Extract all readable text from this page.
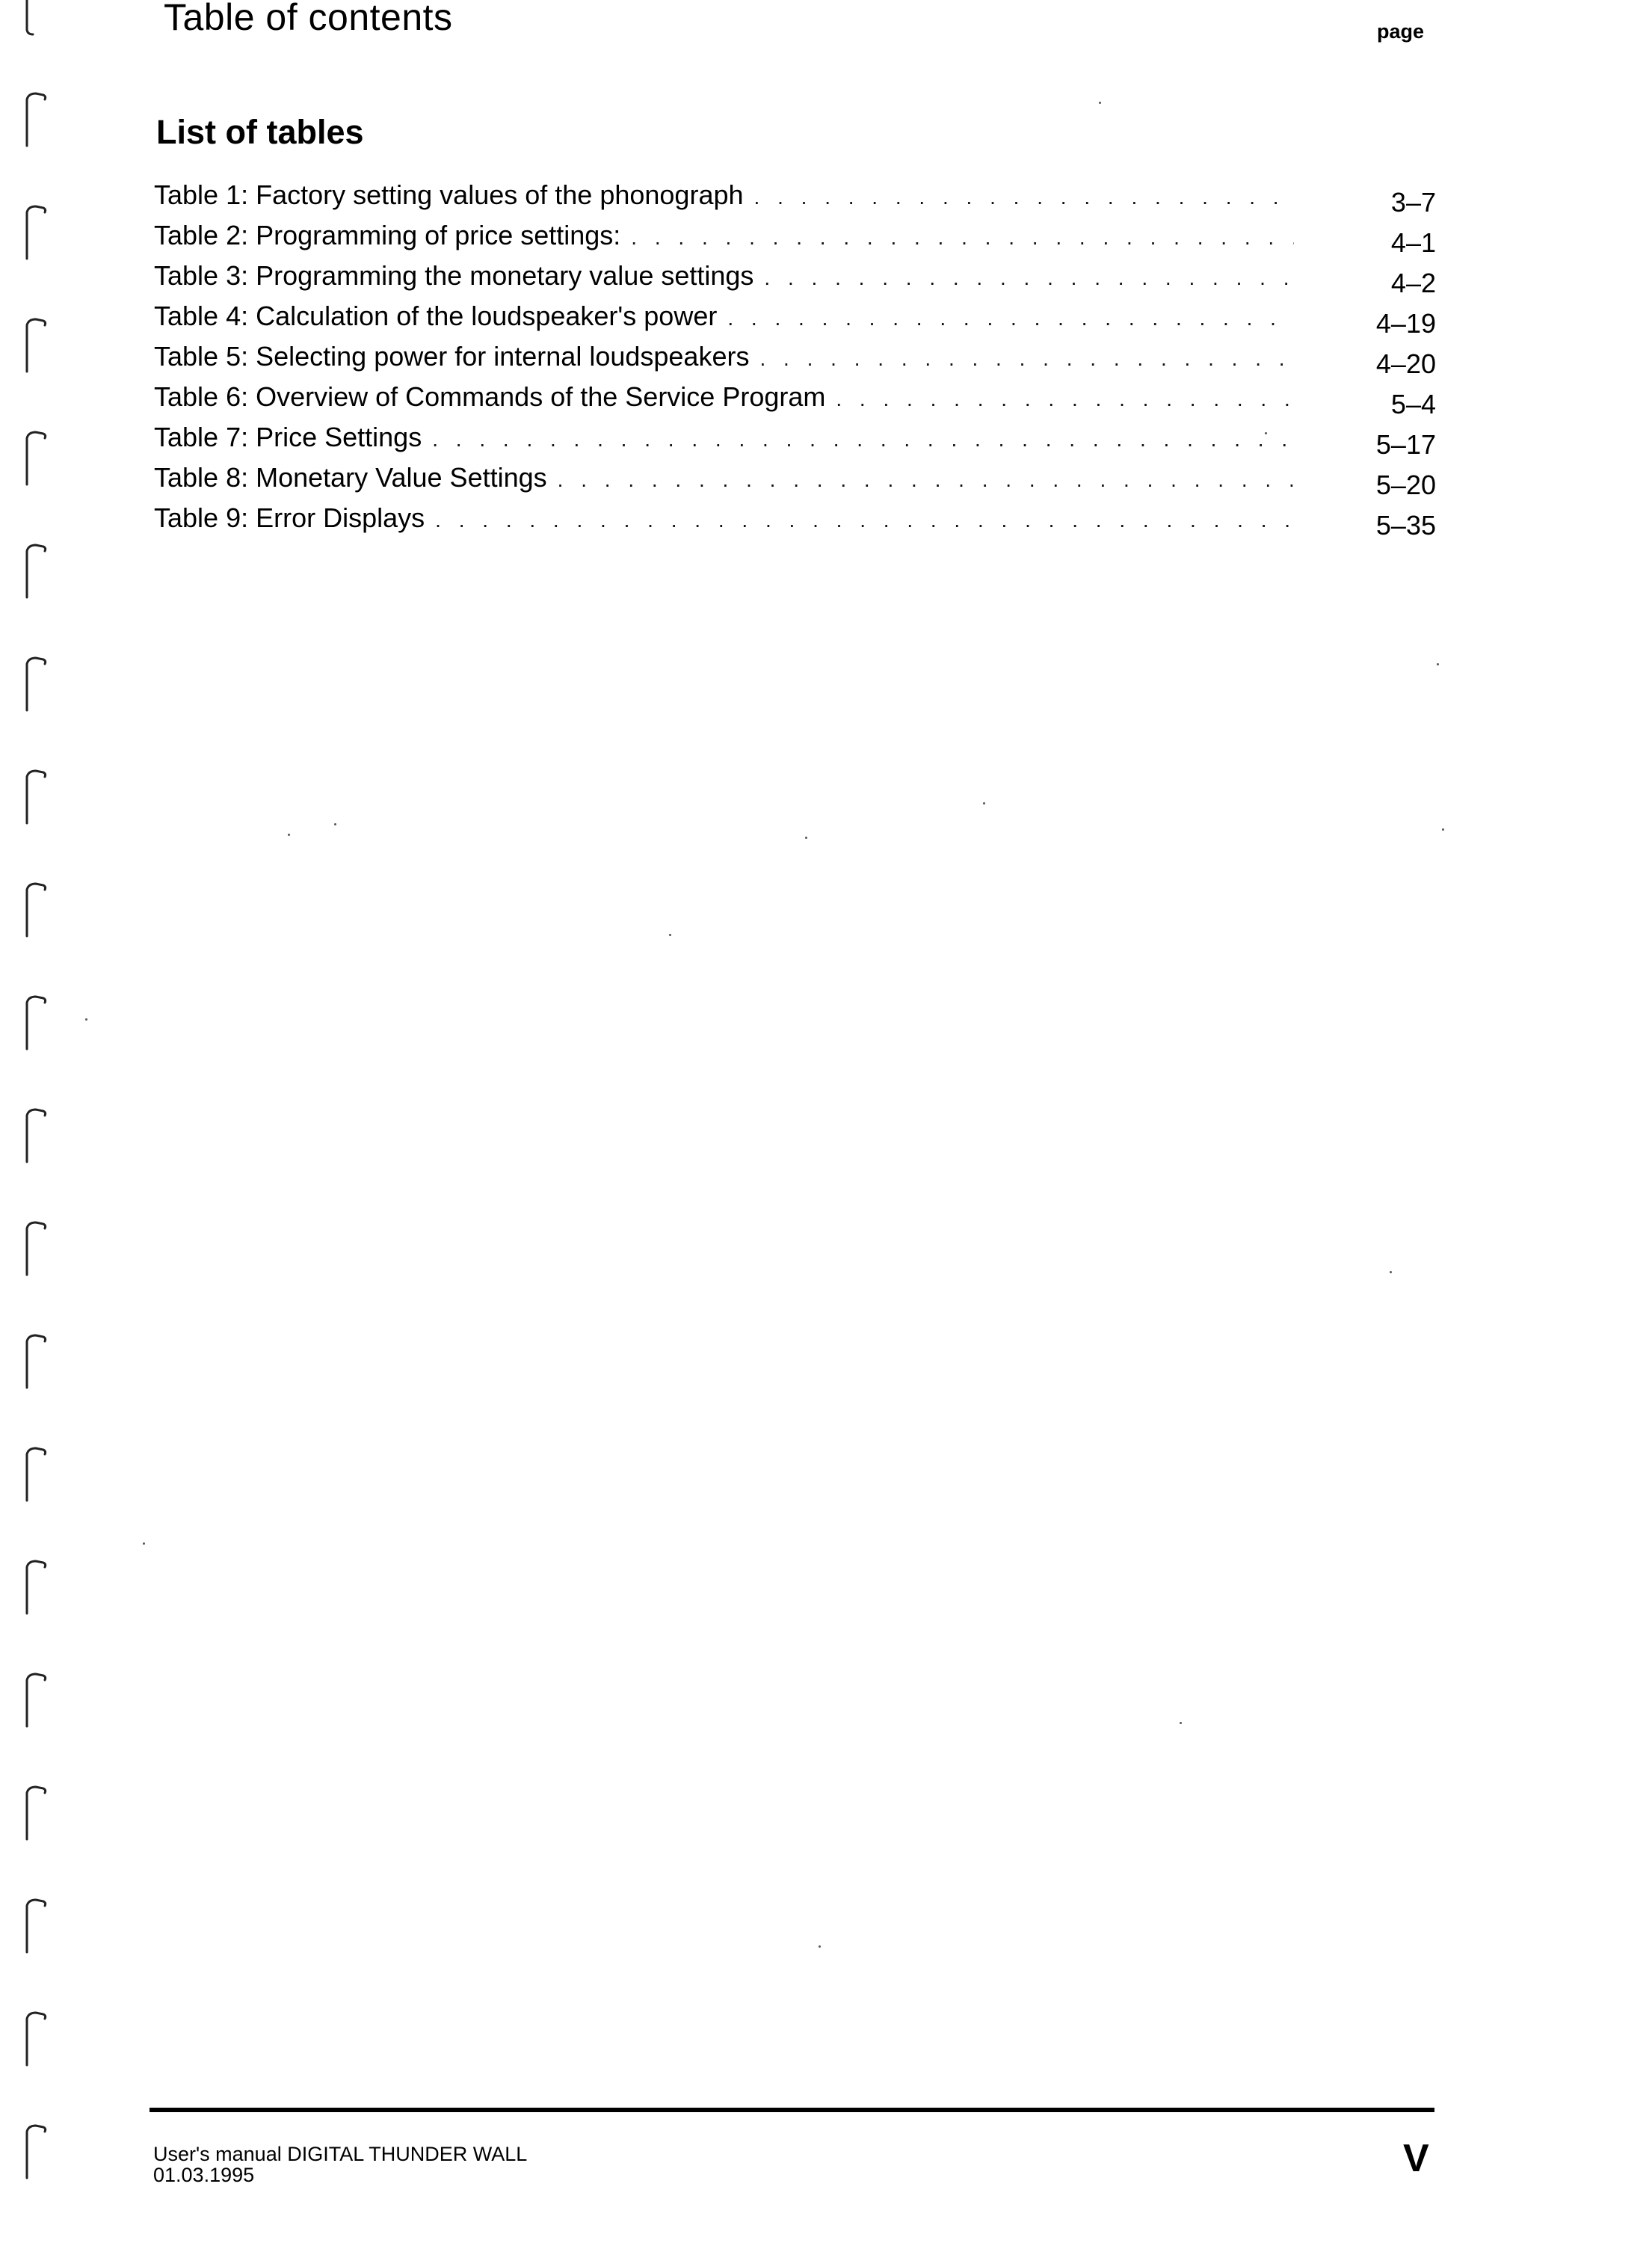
Table of contents	page
List of tables
Table 1: Factory setting values of the phonograph . . .	3–7
Table 2: Programming of price settings: . . .	4–1
Table 3: Programming the monetary value settings . . .	4–2
Table 4: Calculation of the loudspeaker's power . . .	4–19
Table 5: Selecting power for internal loudspeakers . . .	4–20
Table 6: Overview of Commands of the Service Program . . .	5–4
Table 7: Price Settings . . .	5–17
Table 8: Monetary Value Settings . . .	5–20
Table 9: Error Displays . . .	5–35
User's manual DIGITAL THUNDER WALL
01.03.1995	V
